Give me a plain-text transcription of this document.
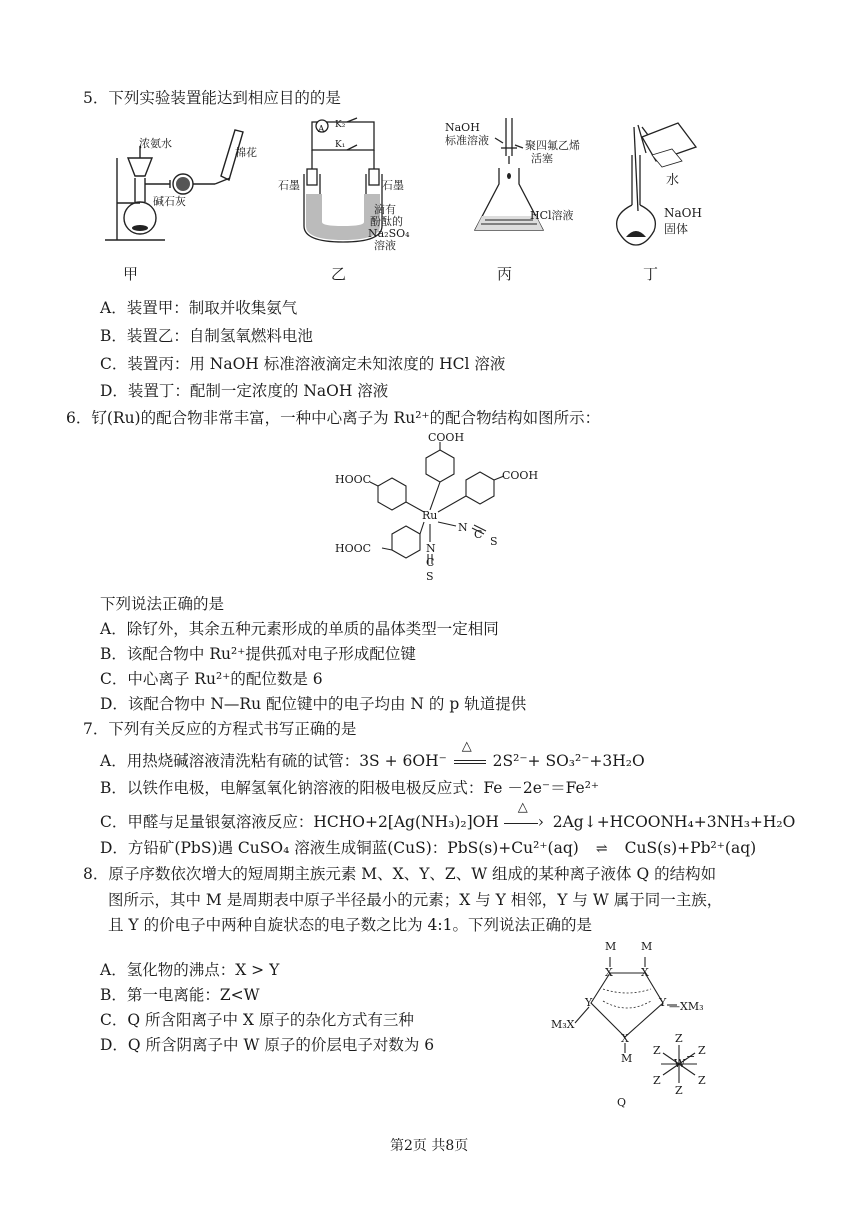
5．下列实验装置能达到相应目的的是
浓氨水
棉花
碱石灰
A K₂
K₁
石墨	石墨
滴有
酚酞的
Na₂SO₄
溶液
NaOH
标准溶液	聚四氟乙烯
活塞
HCl溶液
水
NaOH
固体
甲	乙	丙	丁
A．装置甲：制取并收集氨气
B．装置乙：自制氢氧燃料电池
C．装置丙：用 NaOH 标准溶液滴定未知浓度的 HCl 溶液
D．装置丁：配制一定浓度的 NaOH 溶液
6．钌(Ru)的配合物非常丰富，一种中心离子为 Ru²⁺的配合物结构如图所示：
COOH
HOOC	COOH
HOOC
Ru
N
C
S
N
C
S
下列说法正确的是
A．除钌外，其余五种元素形成的单质的晶体类型一定相同
B．该配合物中 Ru²⁺提供孤对电子形成配位键
C．中心离子 Ru²⁺的配位数是 6
D．该配合物中 N—Ru 配位键中的电子均由 N 的 p 轨道提供
7．下列有关反应的方程式书写正确的是
A．用热烧碱溶液清洗粘有硫的试管：3S + 6OH⁻
△
2S²⁻+ SO₃²⁻+3H₂O
B．以铁作电极，电解氢氧化钠溶液的阳极电极反应式：Fe －2e⁻＝Fe²⁺
C．甲醛与足量银氨溶液反应：HCHO+2[Ag(NH₃)₂]OH
△
› 2Ag↓+HCOONH₄+3NH₃+H₂O
D．方铅矿(PbS)遇 CuSO₄ 溶液生成铜蓝(CuS)：PbS(s)+Cu²⁺(aq) ⇌ CuS(s)+Pb²⁺(aq)
8．原子序数依次增大的短周期主族元素 M、X、Y、Z、W 组成的某种离子液体 Q 的结构如
图所示，其中 M 是周期表中原子半径最小的元素；X 与 Y 相邻，Y 与 W 属于同一主族，
且 Y 的价电子中两种自旋状态的电子数之比为 4:1。下列说法正确的是
A．氢化物的沸点：X > Y
B．第一电离能：Z<W
C．Q 所含阳离子中 X 原子的杂化方式有三种
D．Q 所含阴离子中 W 原子的价层电子对数为 6
M M
X	X
Y	Y —XM₃
M₃X
X
M
Z
Z	Z
W
−
Z	Z
Z
Q
第2页 共8页
